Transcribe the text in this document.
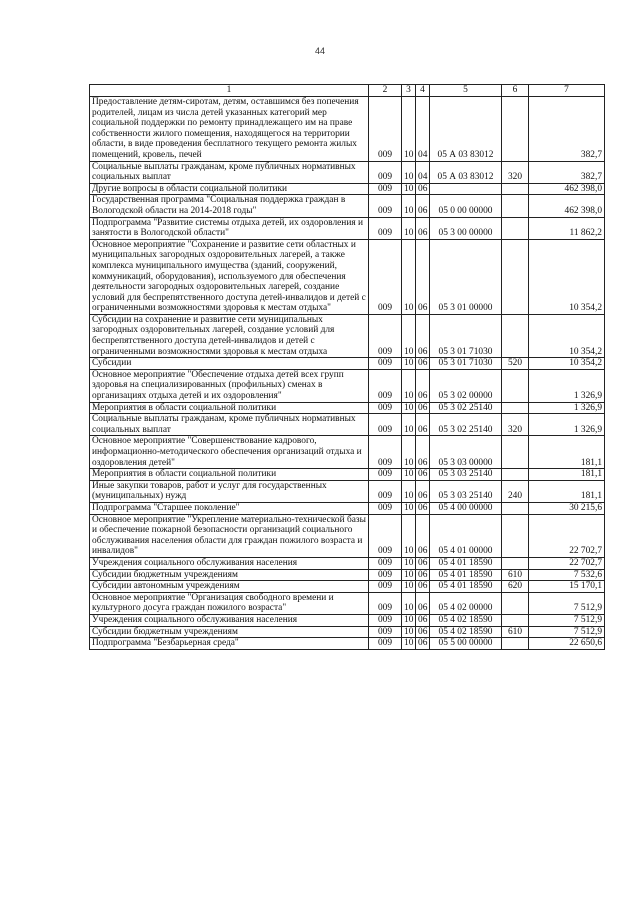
44
1	2	3	4	5	6	7

Предоставление детям-сиротам, детям, оставшимся без попечения родителей, лицам из числа детей указанных категорий мер социальной поддержки по ремонту принадлежащего им на праве собственности жилого помещения, находящегося на территории области, в виде проведения бесплатного текущего ремонта жилых помещений, кровель, печей	009	10	04	05 А 03 83012		382,7

Социальные выплаты гражданам, кроме публичных нормативных социальных выплат	009	10	04	05 А 03 83012	320	382,7

Другие вопросы в области социальной политики	009	10	06			462 398,0

Государственная программа "Социальная поддержка граждан в Вологодской области на 2014-2018 годы"	009	10	06	05 0 00 00000		462 398,0

Подпрограмма "Развитие системы отдыха детей, их оздоровления и занятости в Вологодской области"	009	10	06	05 3 00 00000		11 862,2

Основное мероприятие "Сохранение и развитие сети областных и муниципальных загородных оздоровительных лагерей, а также комплекса муниципального имущества (зданий, сооружений, коммуникаций, оборудования), используемого для обеспечения деятельности загородных оздоровительных лагерей, создание условий для беспрепятственного доступа детей-инвалидов и детей с ограниченными возможностями здоровья к местам отдыха"	009	10	06	05 3 01 00000		10 354,2

Субсидии на сохранение и развитие сети муниципальных загородных оздоровительных лагерей, создание условий для беспрепятственного доступа детей-инвалидов и детей с ограниченными возможностями здоровья к местам отдыха	009	10	06	05 3 01 71030		10 354,2

Субсидии	009	10	06	05 3 01 71030	520	10 354,2

Основное мероприятие "Обеспечение отдыха детей всех групп здоровья на специализированных (профильных) сменах в организациях отдыха детей и их оздоровления"	009	10	06	05 3 02 00000		1 326,9

Мероприятия в области социальной политики	009	10	06	05 3 02 25140		1 326,9

Социальные выплаты гражданам, кроме публичных нормативных социальных выплат	009	10	06	05 3 02 25140	320	1 326,9

Основное мероприятие "Совершенствование кадрового, информационно-методического обеспечения организаций отдыха и оздоровления детей"	009	10	06	05 3 03 00000		181,1

Мероприятия в области социальной политики	009	10	06	05 3 03 25140		181,1

Иные закупки товаров, работ и услуг для государственных (муниципальных) нужд	009	10	06	05 3 03 25140	240	181,1

Подпрограмма "Старшее поколение"	009	10	06	05 4 00 00000		30 215,6

Основное мероприятие "Укрепление материально-технической базы и обеспечение пожарной безопасности организаций социального обслуживания населения области для граждан пожилого возраста и инвалидов"	009	10	06	05 4 01 00000		22 702,7

Учреждения социального обслуживания населения	009	10	06	05 4 01 18590		22 702,7

Субсидии бюджетным учреждениям	009	10	06	05 4 01 18590	610	7 532,6

Субсидии автономным учреждениям	009	10	06	05 4 01 18590	620	15 170,1

Основное мероприятие "Организация свободного времени и культурного досуга граждан пожилого возраста"	009	10	06	05 4 02 00000		7 512,9

Учреждения социального обслуживания населения	009	10	06	05 4 02 18590		7 512,9

Субсидии бюджетным учреждениям	009	10	06	05 4 02 18590	610	7 512,9

Подпрограмма "Безбарьерная среда"	009	10	06	05 5 00 00000		22 650,6
